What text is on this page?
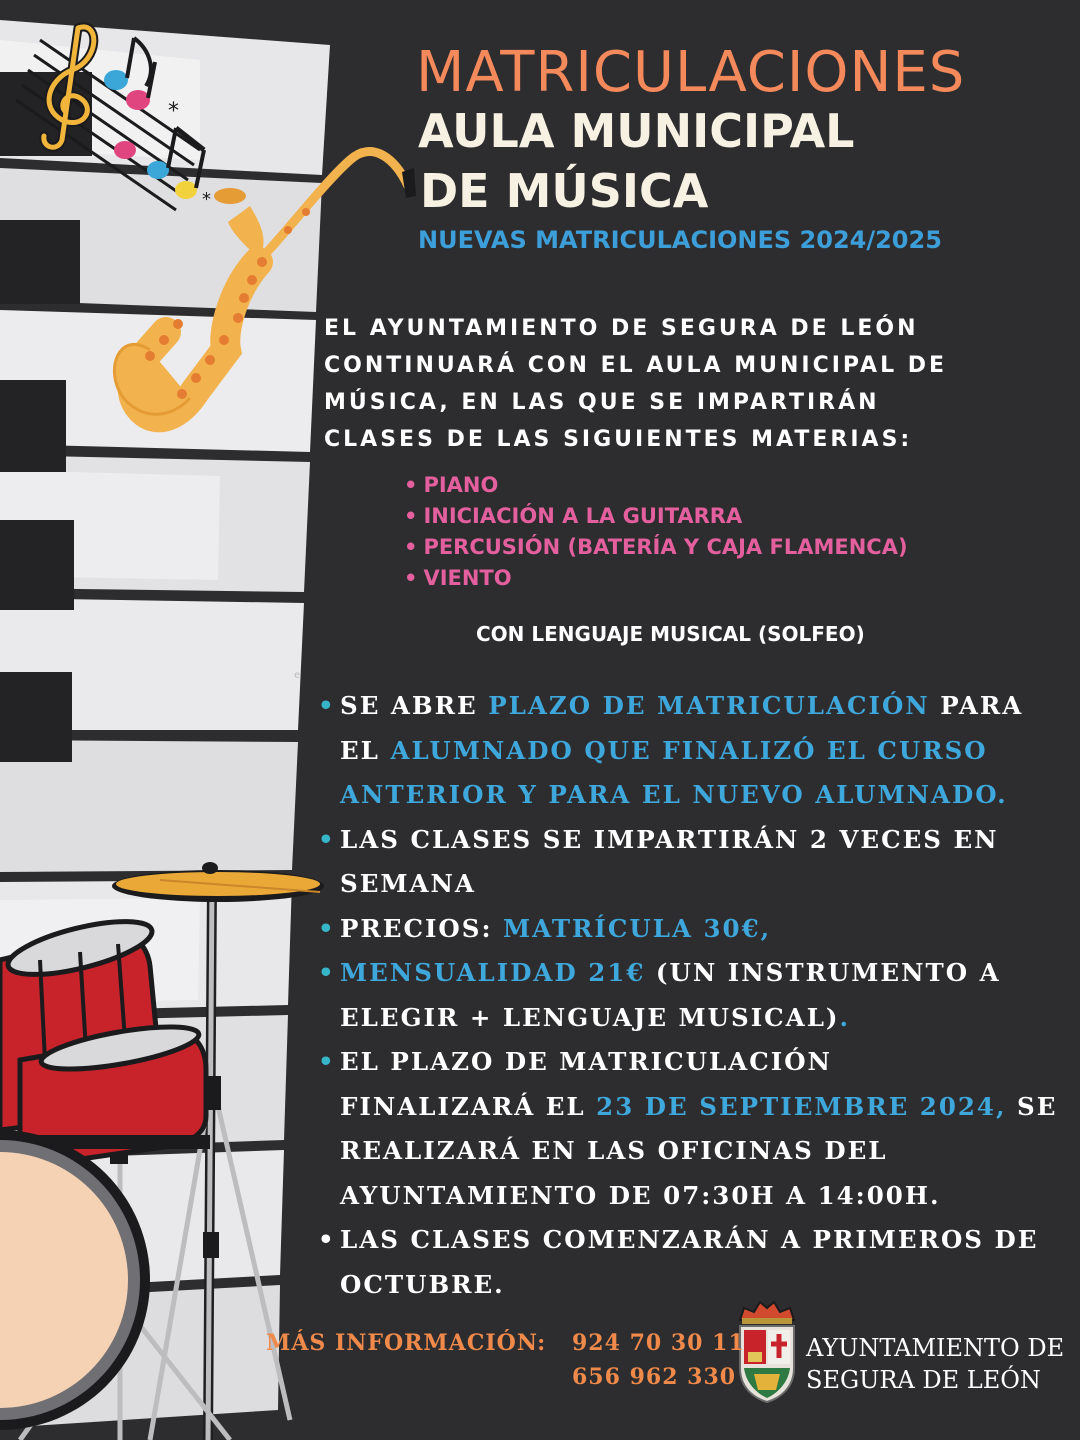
*
*
e
MATRICULACIONES
AULA MUNICIPAL
DE MÚSICA
NUEVAS MATRICULACIONES 2024/2025
EL AYUNTAMIENTO DE SEGURA DE LEÓN
CONTINUARÁ CON EL AULA MUNICIPAL DE
MÚSICA, EN LAS QUE SE IMPARTIRÁN
CLASES DE LAS SIGUIENTES MATERIAS:
• PIANO
• INICIACIÓN A LA GUITARRA
• PERCUSIÓN (BATERÍA Y CAJA FLAMENCA)
• VIENTO
CON LENGUAJE MUSICAL (SOLFEO)
• SE ABRE PLAZO DE MATRICULACIÓN PARA
EL ALUMNADO QUE FINALIZÓ EL CURSO
ANTERIOR Y PARA EL NUEVO ALUMNADO.
• LAS CLASES SE IMPARTIRÁN 2 VECES EN
SEMANA
• PRECIOS: MATRÍCULA 30€,
• MENSUALIDAD 21€ (UN INSTRUMENTO A
ELEGIR + LENGUAJE MUSICAL).
• EL PLAZO DE MATRICULACIÓN
FINALIZARÁ EL 23 DE SEPTIEMBRE 2024, SE
REALIZARÁ EN LAS OFICINAS DEL
AYUNTAMIENTO DE 07:30H A 14:00H.
• LAS CLASES COMENZARÁN A PRIMEROS DE
OCTUBRE.
MÁS INFORMACIÓN: 924 70 30 11
656 962 330
AYUNTAMIENTO DE
SEGURA DE LEÓN
